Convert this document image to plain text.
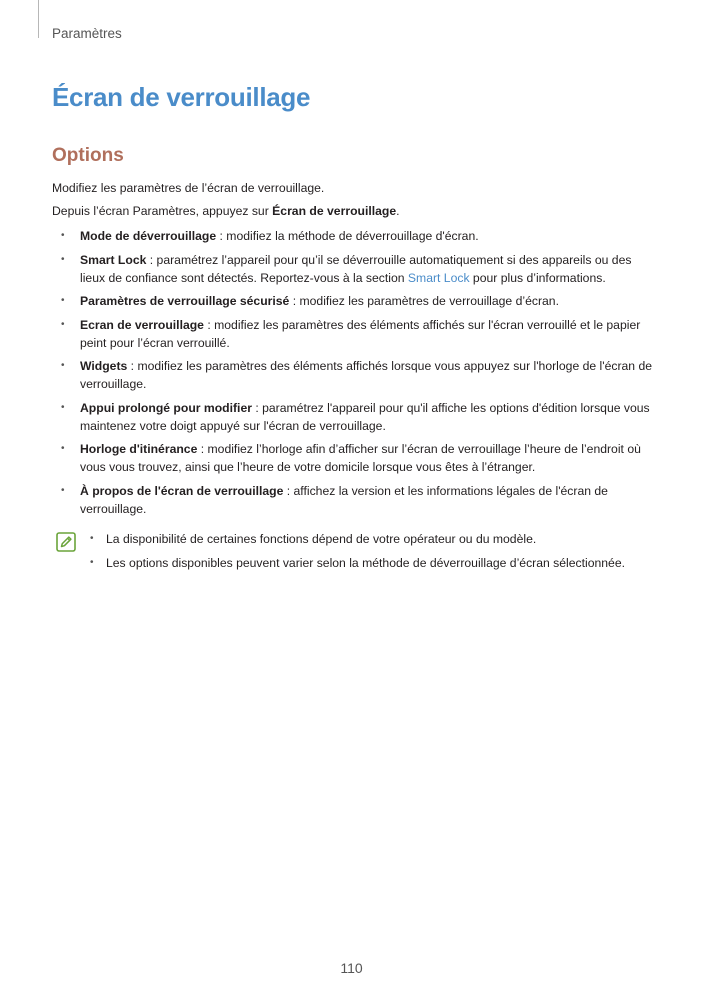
Paramètres
Écran de verrouillage
Options
Modifiez les paramètres de l’écran de verrouillage.
Depuis l’écran Paramètres, appuyez sur Écran de verrouillage.
• Mode de déverrouillage : modifiez la méthode de déverrouillage d'écran.
• Smart Lock : paramétrez l’appareil pour qu’il se déverrouille automatiquement si des appareils ou des lieux de confiance sont détectés. Reportez-vous à la section Smart Lock pour plus d’informations.
• Paramètres de verrouillage sécurisé : modifiez les paramètres de verrouillage d’écran.
• Ecran de verrouillage : modifiez les paramètres des éléments affichés sur l'écran verrouillé et le papier peint pour l’écran verrouillé.
• Widgets : modifiez les paramètres des éléments affichés lorsque vous appuyez sur l'horloge de l'écran de verrouillage.
• Appui prolongé pour modifier : paramétrez l'appareil pour qu'il affiche les options d'édition lorsque vous maintenez votre doigt appuyé sur l'écran de verrouillage.
• Horloge d'itinérance : modifiez l’horloge afin d’afficher sur l’écran de verrouillage l’heure de l’endroit où vous vous trouvez, ainsi que l’heure de votre domicile lorsque vous êtes à l’étranger.
• À propos de l'écran de verrouillage : affichez la version et les informations légales de l'écran de verrouillage.
• La disponibilité de certaines fonctions dépend de votre opérateur ou du modèle.
• Les options disponibles peuvent varier selon la méthode de déverrouillage d’écran sélectionnée.
110
